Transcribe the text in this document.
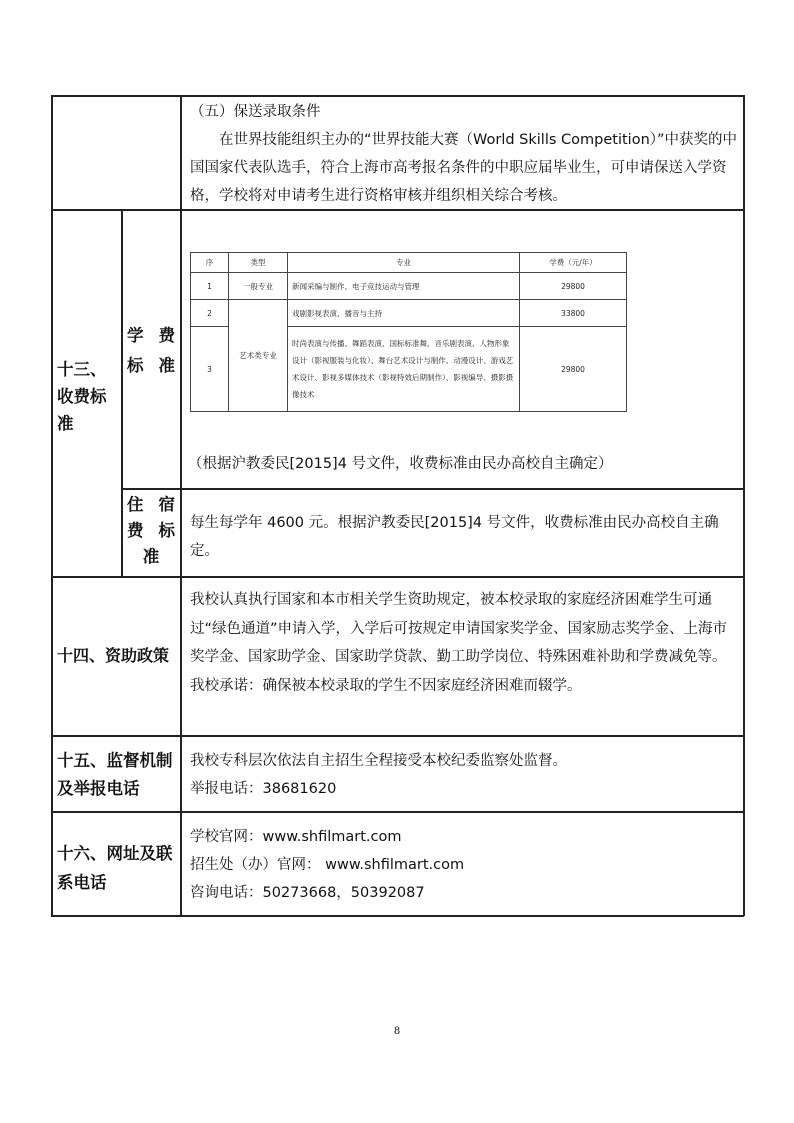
（五）保送录取条件

在世界技能组织主办的“世界技能大赛（World Skills Competition）”中获奖的中国国家代表队选手，符合上海市高考报名条件的中职应届毕业生，可申请保送入学资格，学校将对申请考生进行资格审核并组织相关综合考核。

十三、收费标准
学 费
标 准
序	类型	专业	学费（元/年）
1	一般专业	新闻采编与制作、电子竞技运动与管理	29800
2	艺术类专业	戏剧影视表演、播音与主持	33800
3		时尚表演与传播、舞蹈表演、国标标准舞、音乐剧表演、人物形象设计（影视服装与化妆）、舞台艺术设计与制作、动漫设计、游戏艺术设计、影视多媒体技术（影视特效后期制作）、影视编导、摄影摄像技术	29800
（根据沪教委民[2015]4 号文件，收费标准由民办高校自主确定）
住 宿
费 标
准
每生每学年 4600 元。根据沪教委民[2015]4 号文件，收费标准由民办高校自主确定。
十四、资助政策
我校认真执行国家和本市相关学生资助规定，被本校录取的家庭经济困难学生可通过“绿色通道”申请入学，入学后可按规定申请国家奖学金、国家励志奖学金、上海市奖学金、国家助学金、国家助学贷款、勤工助学岗位、特殊困难补助和学费减免等。我校承诺：确保被本校录取的学生不因家庭经济困难而辍学。
十五、监督机制及举报电话

我校专科层次依法自主招生全程接受本校纪委监察处监督。

举报电话：38681620

十六、网址及联系电话

学校官网：www.shfilmart.com

招生处（办）官网： www.shfilmart.com

咨询电话：50273668，50392087

8
